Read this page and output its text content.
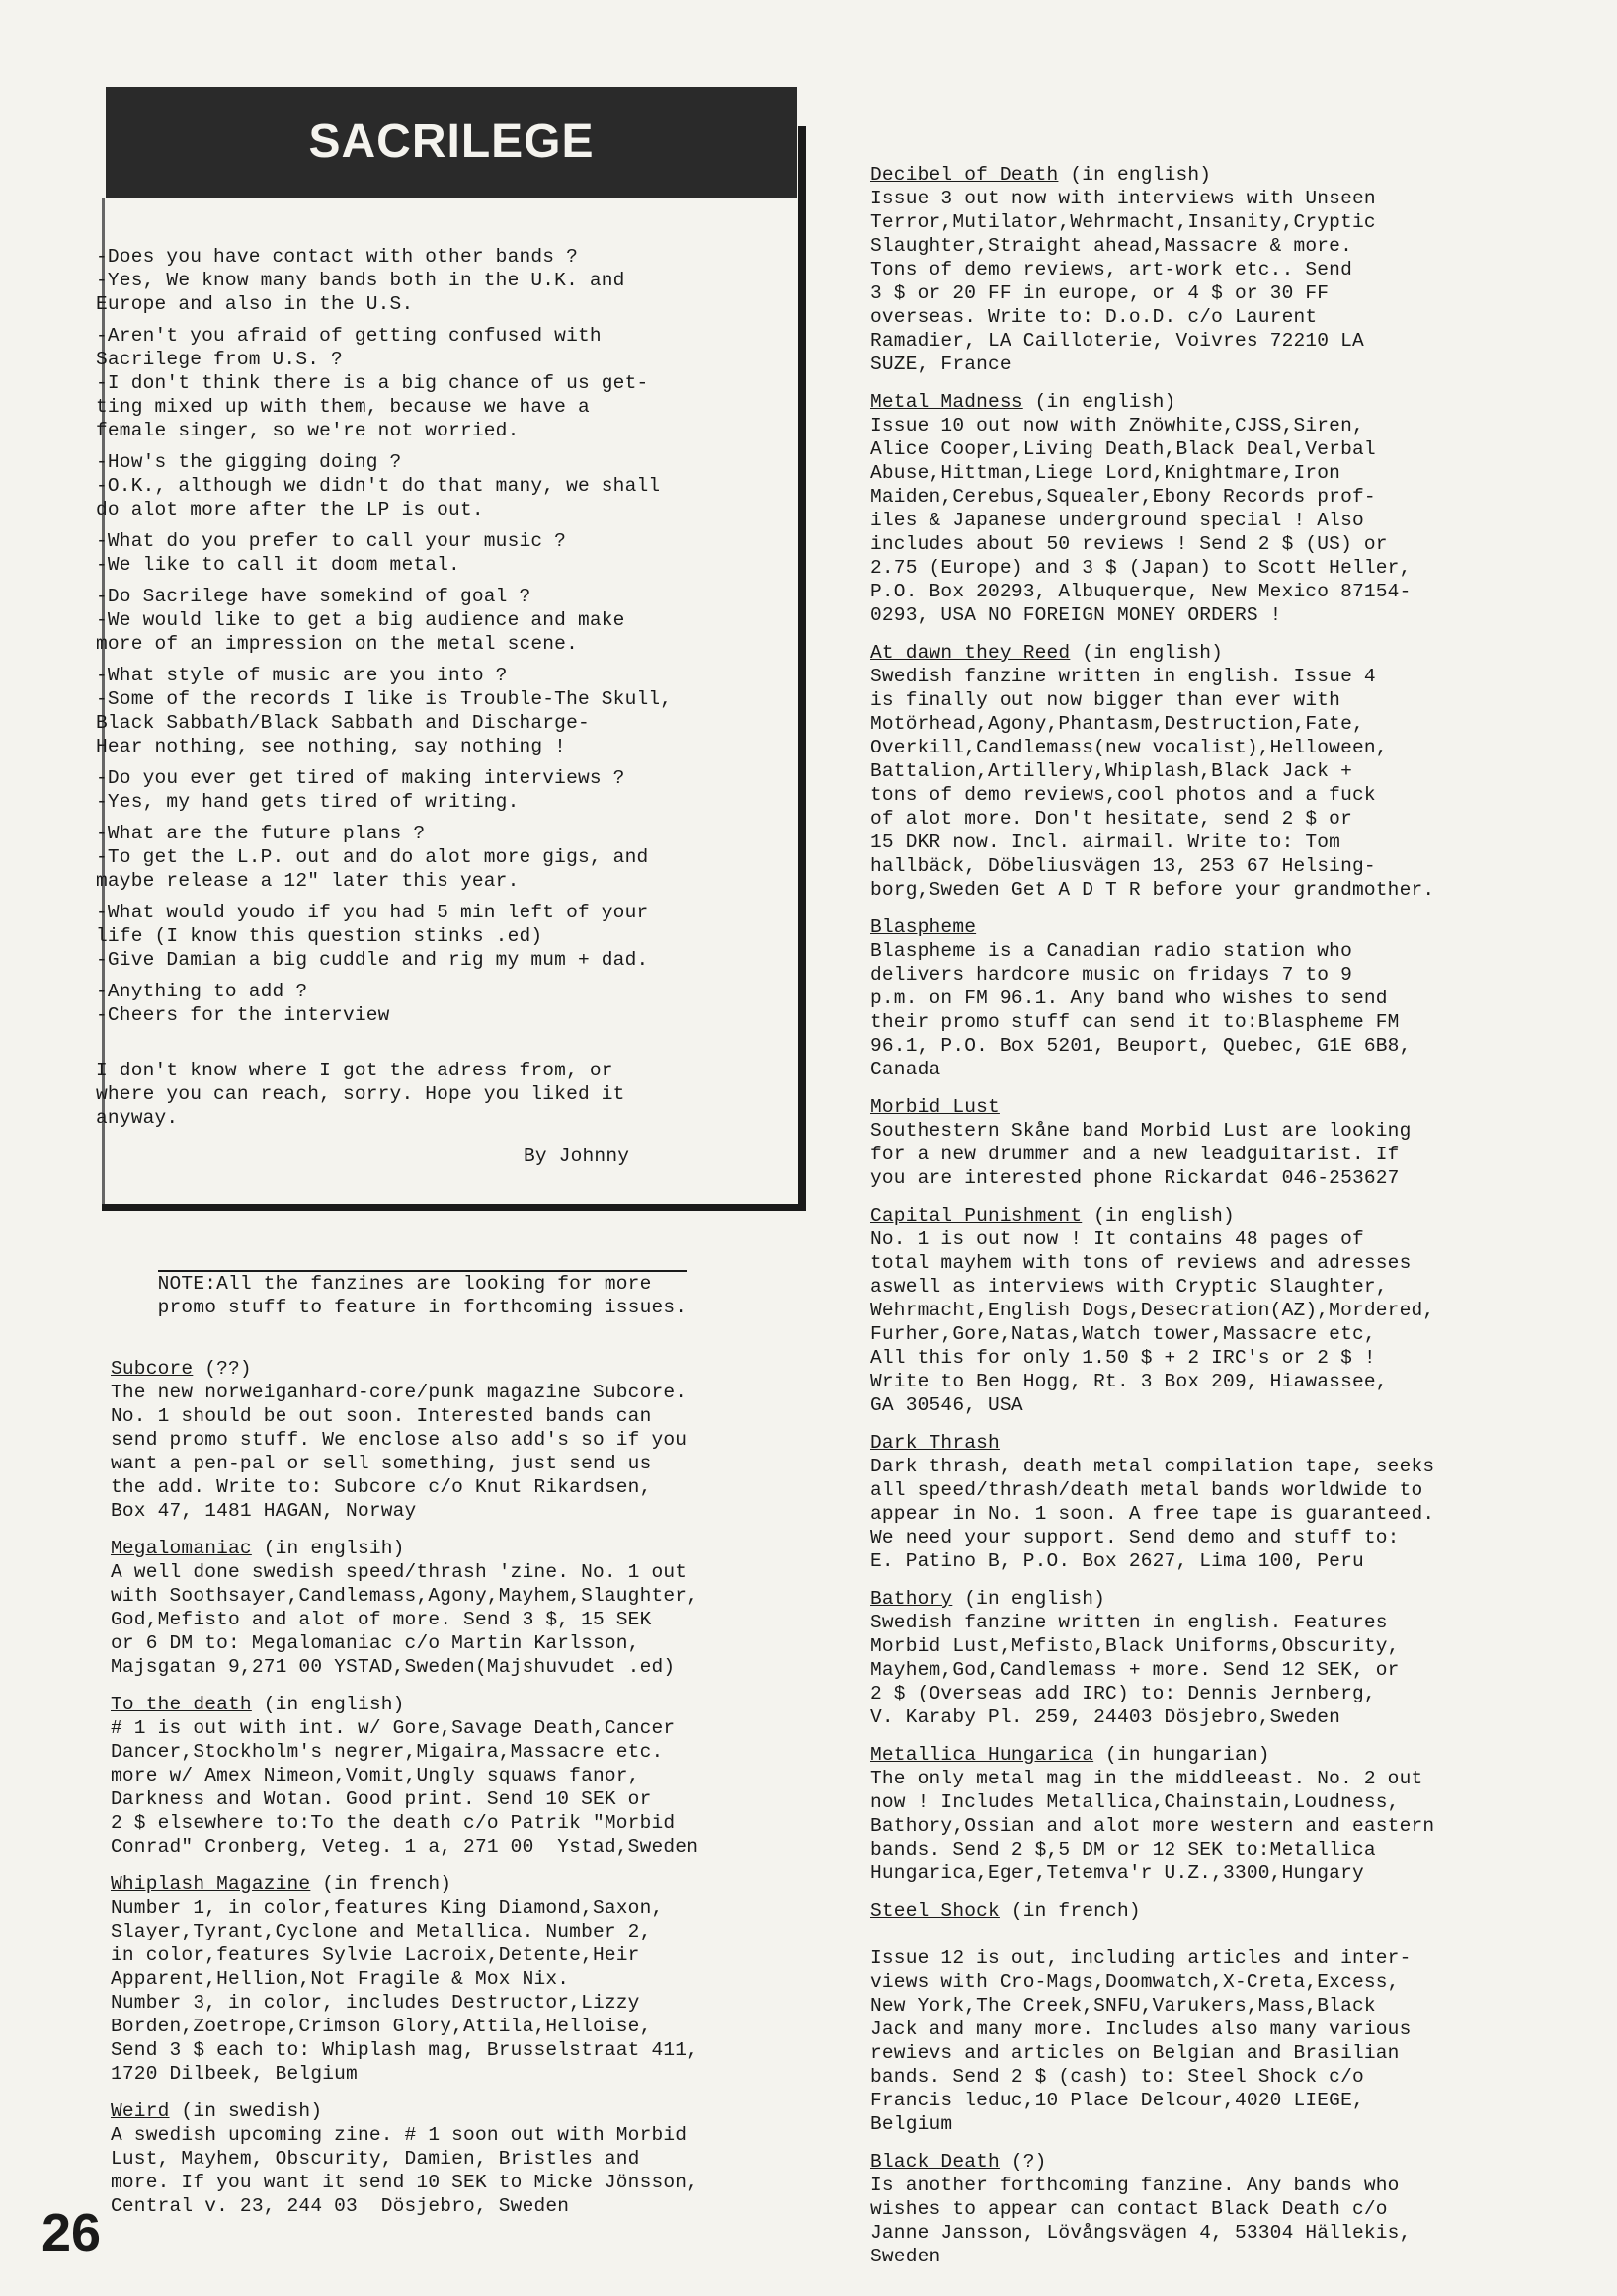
SACRILEGE
-Does you have contact with other bands ?
-Yes, We know many bands both in the U.K. and
Europe and also in the U.S.
-Aren't you afraid of getting confused with
Sacrilege from U.S. ?
-I don't think there is a big chance of us get-
ting mixed up with them, because we have a
female singer, so we're not worried.
-How's the gigging doing ?
-O.K., although we didn't do that many, we shall
do alot more after the LP is out.
-What do you prefer to call your music ?
-We like to call it doom metal.
-Do Sacrilege have somekind of goal ?
-We would like to get a big audience and make
more of an impression on the metal scene.
-What style of music are you into ?
-Some of the records I like is Trouble-The Skull,
Black Sabbath/Black Sabbath and Discharge-
Hear nothing, see nothing, say nothing !
-Do you ever get tired of making interviews ?
-Yes, my hand gets tired of writing.
-What are the future plans ?
-To get the L.P. out and do alot more gigs, and
maybe release a 12" later this year.
-What would youdo if you had 5 min left of your
life (I know this question stinks .ed)
-Give Damian a big cuddle and rig my mum + dad.
-Anything to add ?
-Cheers for the interview

I don't know where I got the adress from, or
where you can reach, sorry. Hope you liked it
anyway.
By Johnny

NOTE:All the fanzines are looking for more
promo stuff to feature in forthcoming issues.

Subcore (??)
The new norweiganhard-core/punk magazine Subcore.
No. 1 should be out soon. Interested bands can
send promo stuff. We enclose also add's so if you
want a pen-pal or sell something, just send us
the add. Write to: Subcore c/o Knut Rikardsen,
Box 47, 1481 HAGAN, Norway
Megalomaniac (in englsih)
A well done swedish speed/thrash 'zine. No. 1 out
with Soothsayer,Candlemass,Agony,Mayhem,Slaughter,
God,Mefisto and alot of more. Send 3 $, 15 SEK
or 6 DM to: Megalomaniac c/o Martin Karlsson,
Majsgatan 9,271 00 YSTAD,Sweden(Majshuvudet .ed)
To the death (in english)
# 1 is out with int. w/ Gore,Savage Death,Cancer
Dancer,Stockholm's negrer,Migaira,Massacre etc.
more w/ Amex Nimeon,Vomit,Ungly squaws fanor,
Darkness and Wotan. Good print. Send 10 SEK or
2 $ elsewhere to:To the death c/o Patrik "Morbid
Conrad" Cronberg, Veteg. 1 a, 271 00  Ystad,Sweden
Whiplash Magazine (in french)
Number 1, in color,features King Diamond,Saxon,
Slayer,Tyrant,Cyclone and Metallica. Number 2,
in color,features Sylvie Lacroix,Detente,Heir
Apparent,Hellion,Not Fragile & Mox Nix.
Number 3, in color, includes Destructor,Lizzy
Borden,Zoetrope,Crimson Glory,Attila,Helloise,
Send 3 $ each to: Whiplash mag, Brusselstraat 411,
1720 Dilbeek, Belgium
Weird (in swedish)
A swedish upcoming zine. # 1 soon out with Morbid
Lust, Mayhem, Obscurity, Damien, Bristles and
more. If you want it send 10 SEK to Micke Jönsson,
Central v. 23, 244 03  Dösjebro, Sweden
Decibel of Death (in english)
Issue 3 out now with interviews with Unseen
Terror,Mutilator,Wehrmacht,Insanity,Cryptic
Slaughter,Straight ahead,Massacre & more.
Tons of demo reviews, art-work etc.. Send
3 $ or 20 FF in europe, or 4 $ or 30 FF
overseas. Write to: D.o.D. c/o Laurent
Ramadier, LA Cailloterie, Voivres 72210 LA
SUZE, France
Metal Madness (in english)
Issue 10 out now with Znöwhite,CJSS,Siren,
Alice Cooper,Living Death,Black Deal,Verbal
Abuse,Hittman,Liege Lord,Knightmare,Iron
Maiden,Cerebus,Squealer,Ebony Records prof-
iles & Japanese underground special ! Also
includes about 50 reviews ! Send 2 $ (US) or
2.75 (Europe) and 3 $ (Japan) to Scott Heller,
P.O. Box 20293, Albuquerque, New Mexico 87154-
0293, USA NO FOREIGN MONEY ORDERS !
At dawn they Reed (in english)
Swedish fanzine written in english. Issue 4
is finally out now bigger than ever with
Motörhead,Agony,Phantasm,Destruction,Fate,
Overkill,Candlemass(new vocalist),Helloween,
Battalion,Artillery,Whiplash,Black Jack +
tons of demo reviews,cool photos and a fuck
of alot more. Don't hesitate, send 2 $ or
15 DKR now. Incl. airmail. Write to: Tom
hallbäck, Döbeliusvägen 13, 253 67 Helsing-
borg,Sweden Get A D T R before your grandmother.
Blaspheme
Blaspheme is a Canadian radio station who
delivers hardcore music on fridays 7 to 9
p.m. on FM 96.1. Any band who wishes to send
their promo stuff can send it to:Blaspheme FM
96.1, P.O. Box 5201, Beuport, Quebec, G1E 6B8,
Canada
Morbid Lust
Southestern Skåne band Morbid Lust are looking
for a new drummer and a new leadguitarist. If
you are interested phone Rickardat 046-253627
Capital Punishment (in english)
No. 1 is out now ! It contains 48 pages of
total mayhem with tons of reviews and adresses
aswell as interviews with Cryptic Slaughter,
Wehrmacht,English Dogs,Desecration(AZ),Mordered,
Furher,Gore,Natas,Watch tower,Massacre etc,
All this for only 1.50 $ + 2 IRC's or 2 $ !
Write to Ben Hogg, Rt. 3 Box 209, Hiawassee,
GA 30546, USA
Dark Thrash
Dark thrash, death metal compilation tape, seeks
all speed/thrash/death metal bands worldwide to
appear in No. 1 soon. A free tape is guaranteed.
We need your support. Send demo and stuff to:
E. Patino B, P.O. Box 2627, Lima 100, Peru
Bathory (in english)
Swedish fanzine written in english. Features
Morbid Lust,Mefisto,Black Uniforms,Obscurity,
Mayhem,God,Candlemass + more. Send 12 SEK, or
2 $ (Overseas add IRC) to: Dennis Jernberg,
V. Karaby Pl. 259, 24403 Dösjebro,Sweden
Metallica Hungarica (in hungarian)
The only metal mag in the middleeast. No. 2 out
now ! Includes Metallica,Chainstain,Loudness,
Bathory,Ossian and alot more western and eastern
bands. Send 2 $,5 DM or 12 SEK to:Metallica
Hungarica,Eger,Tetemva'r U.Z.,3300,Hungary
Steel Shock (in french)

Issue 12 is out, including articles and inter-
views with Cro-Mags,Doomwatch,X-Creta,Excess,
New York,The Creek,SNFU,Varukers,Mass,Black
Jack and many more. Includes also many various
rewievs and articles on Belgian and Brasilian
bands. Send 2 $ (cash) to: Steel Shock c/o
Francis leduc,10 Place Delcour,4020 LIEGE,
Belgium

Black Death (?)
Is another forthcoming fanzine. Any bands who
wishes to appear can contact Black Death c/o
Janne Jansson, Lövångsvägen 4, 53304 Hällekis,
Sweden
26
